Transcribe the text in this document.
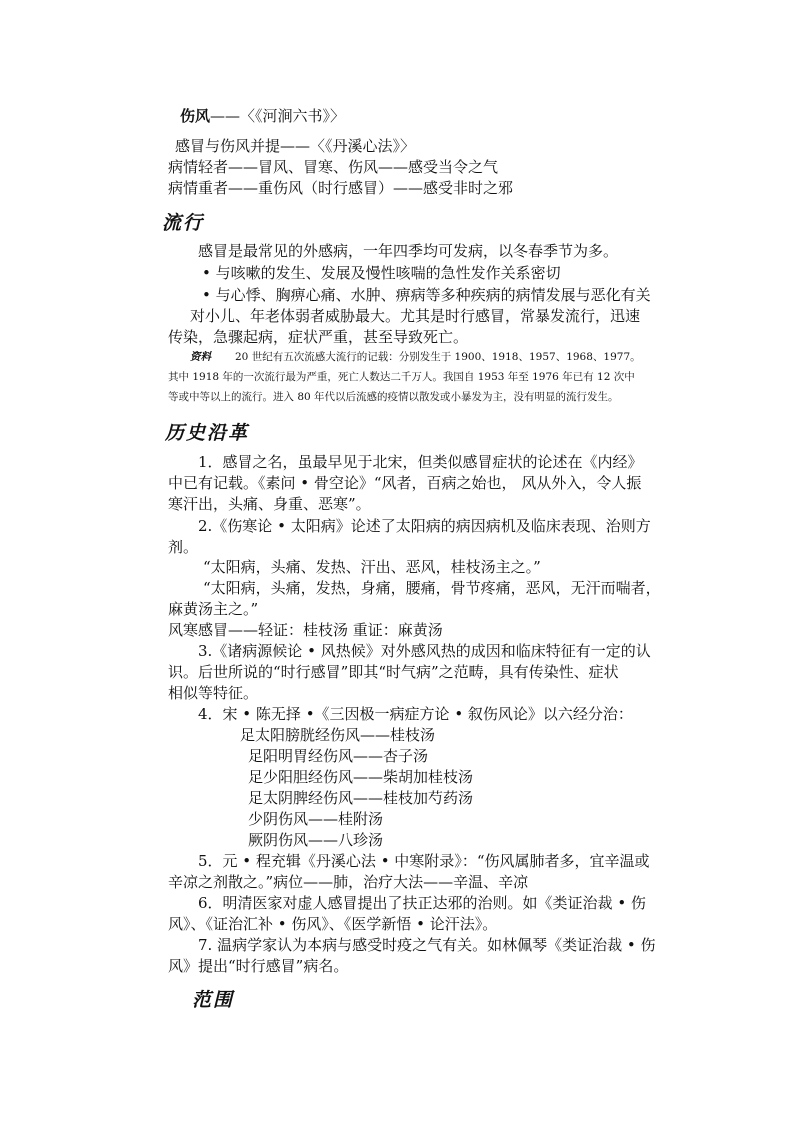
伤风——〈《河涧六书》〉
感冒与伤风并提——〈《丹溪心法》〉
病情轻者——冒风、冒寒、伤风——感受当令之气
病情重者——重伤风（时行感冒）——感受非时之邪
流行
感冒是最常见的外感病，一年四季均可发病，以冬春季节为多。
• 与咳嗽的发生、发展及慢性咳喘的急性发作关系密切
• 与心悸、胸痹心痛、水肿、痹病等多种疾病的病情发展与恶化有关
对小儿、年老体弱者威胁最大。尤其是时行感冒，常暴发流行，迅速
传染，急骤起病，症状严重，甚至导致死亡。
资料 20 世纪有五次流感大流行的记载：分别发生于 1900、1918、1957、1968、1977。
其中 1918 年的一次流行最为严重，死亡人数达二千万人。我国自 1953 年至 1976 年已有 12 次中
等或中等以上的流行。进入 80 年代以后流感的疫情以散发或小暴发为主，没有明显的流行发生。
历史沿革
1．感冒之名，虽最早见于北宋，但类似感冒症状的论述在《内经》
中已有记载。《素问 • 骨空论》“风者，百病之始也， 风从外入，令人振
寒汗出，头痛、身重、恶寒”。
2.《伤寒论 • 太阳病》论述了太阳病的病因病机及临床表现、治则方
剂。
“太阳病，头痛、发热、汗出、恶风，桂枝汤主之。”
“太阳病，头痛，发热，身痛，腰痛，骨节疼痛，恶风，无汗而喘者，
麻黄汤主之。”
风寒感冒——轻证：桂枝汤 重证：麻黄汤
3.《诸病源候论 • 风热候》对外感风热的成因和临床特征有一定的认
识。后世所说的“时行感冒”即其“时气病”之范畴，具有传染性、症状
相似等特征。
4．宋 • 陈无择 •《三因极一病症方论 • 叙伤风论》以六经分治：
足太阳膀胱经伤风——桂枝汤
足阳明胃经伤风——杏子汤
足少阳胆经伤风——柴胡加桂枝汤
足太阴脾经伤风——桂枝加芍药汤
少阴伤风——桂附汤
厥阴伤风——八珍汤
5．元 • 程充辑《丹溪心法 • 中寒附录》：“伤风属肺者多，宜辛温或
辛凉之剂散之。”病位——肺，治疗大法——辛温、辛凉
6．明清医家对虚人感冒提出了扶正达邪的治则。如《类证治裁 • 伤
风》、《证治汇补 • 伤风》、《医学新悟 • 论汗法》。
7. 温病学家认为本病与感受时疫之气有关。如林佩琴《类证治裁 • 伤
风》提出“时行感冒”病名。
范围
